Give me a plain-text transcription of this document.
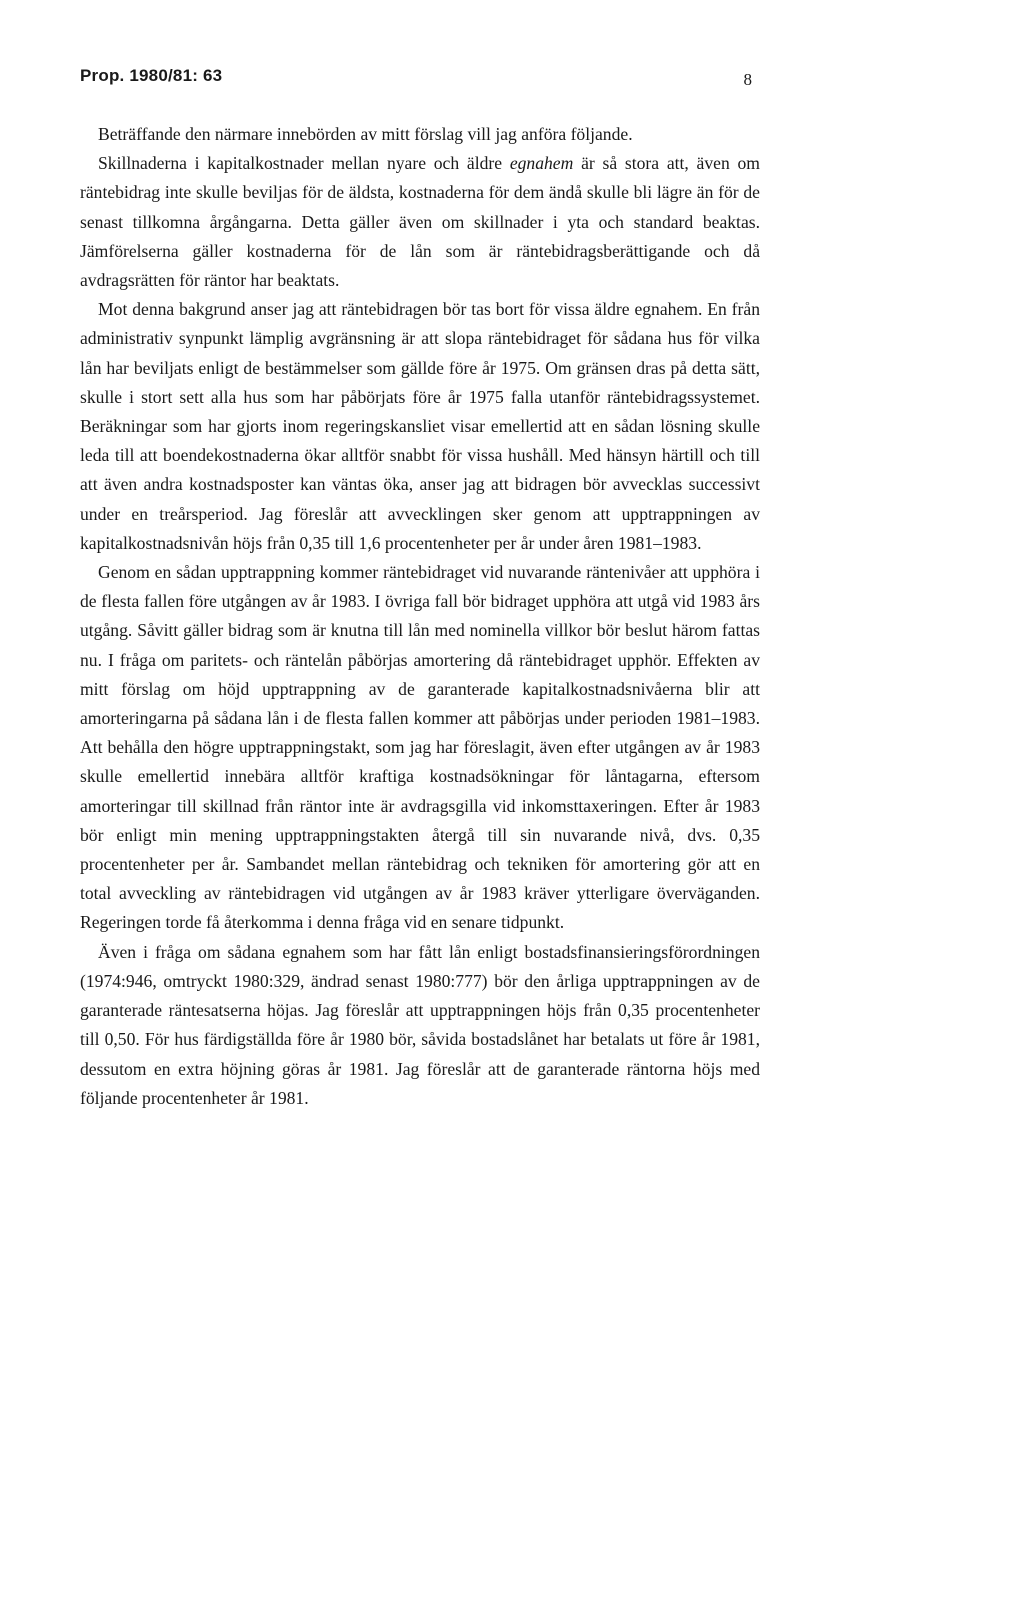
Prop. 1980/81: 63	8

Beträffande den närmare innebörden av mitt förslag vill jag anföra följande.

Skillnaderna i kapitalkostnader mellan nyare och äldre egnahem är så stora att, även om räntebidrag inte skulle beviljas för de äldsta, kostnaderna för dem ändå skulle bli lägre än för de senast tillkomna årgångarna. Detta gäller även om skillnader i yta och standard beaktas. Jämförelserna gäller kostnaderna för de lån som är räntebidragsberättigande och då avdragsrätten för räntor har beaktats.

Mot denna bakgrund anser jag att räntebidragen bör tas bort för vissa äldre egnahem. En från administrativ synpunkt lämplig avgränsning är att slopa räntebidraget för sådana hus för vilka lån har beviljats enligt de bestämmelser som gällde före år 1975. Om gränsen dras på detta sätt, skulle i stort sett alla hus som har påbörjats före år 1975 falla utanför räntebidragssystemet. Beräkningar som har gjorts inom regeringskansliet visar emellertid att en sådan lösning skulle leda till att boendekostnaderna ökar alltför snabbt för vissa hushåll. Med hänsyn härtill och till att även andra kostnadsposter kan väntas öka, anser jag att bidragen bör avvecklas successivt under en treårsperiod. Jag föreslår att avvecklingen sker genom att upptrappningen av kapitalkostnadsnivån höjs från 0,35 till 1,6 procentenheter per år under åren 1981–1983.

Genom en sådan upptrappning kommer räntebidraget vid nuvarande räntenivåer att upphöra i de flesta fallen före utgången av år 1983. I övriga fall bör bidraget upphöra att utgå vid 1983 års utgång. Såvitt gäller bidrag som är knutna till lån med nominella villkor bör beslut härom fattas nu. I fråga om paritets- och räntelån påbörjas amortering då räntebidraget upphör. Effekten av mitt förslag om höjd upptrappning av de garanterade kapitalkostnadsnivåerna blir att amorteringarna på sådana lån i de flesta fallen kommer att påbörjas under perioden 1981–1983. Att behålla den högre upptrappningstakt, som jag har föreslagit, även efter utgången av år 1983 skulle emellertid innebära alltför kraftiga kostnadsökningar för låntagarna, eftersom amorteringar till skillnad från räntor inte är avdragsgilla vid inkomsttaxeringen. Efter år 1983 bör enligt min mening upptrappningstakten återgå till sin nuvarande nivå, dvs. 0,35 procentenheter per år. Sambandet mellan räntebidrag och tekniken för amortering gör att en total avveckling av räntebidragen vid utgången av år 1983 kräver ytterligare överväganden. Regeringen torde få återkomma i denna fråga vid en senare tidpunkt.

Även i fråga om sådana egnahem som har fått lån enligt bostadsfinansieringsförordningen (1974:946, omtryckt 1980:329, ändrad senast 1980:777) bör den årliga upptrappningen av de garanterade räntesatserna höjas. Jag föreslår att upptrappningen höjs från 0,35 procentenheter till 0,50. För hus färdigställda före år 1980 bör, såvida bostadslånet har betalats ut före år 1981, dessutom en extra höjning göras år 1981. Jag föreslår att de garanterade räntorna höjs med följande procentenheter år 1981.
